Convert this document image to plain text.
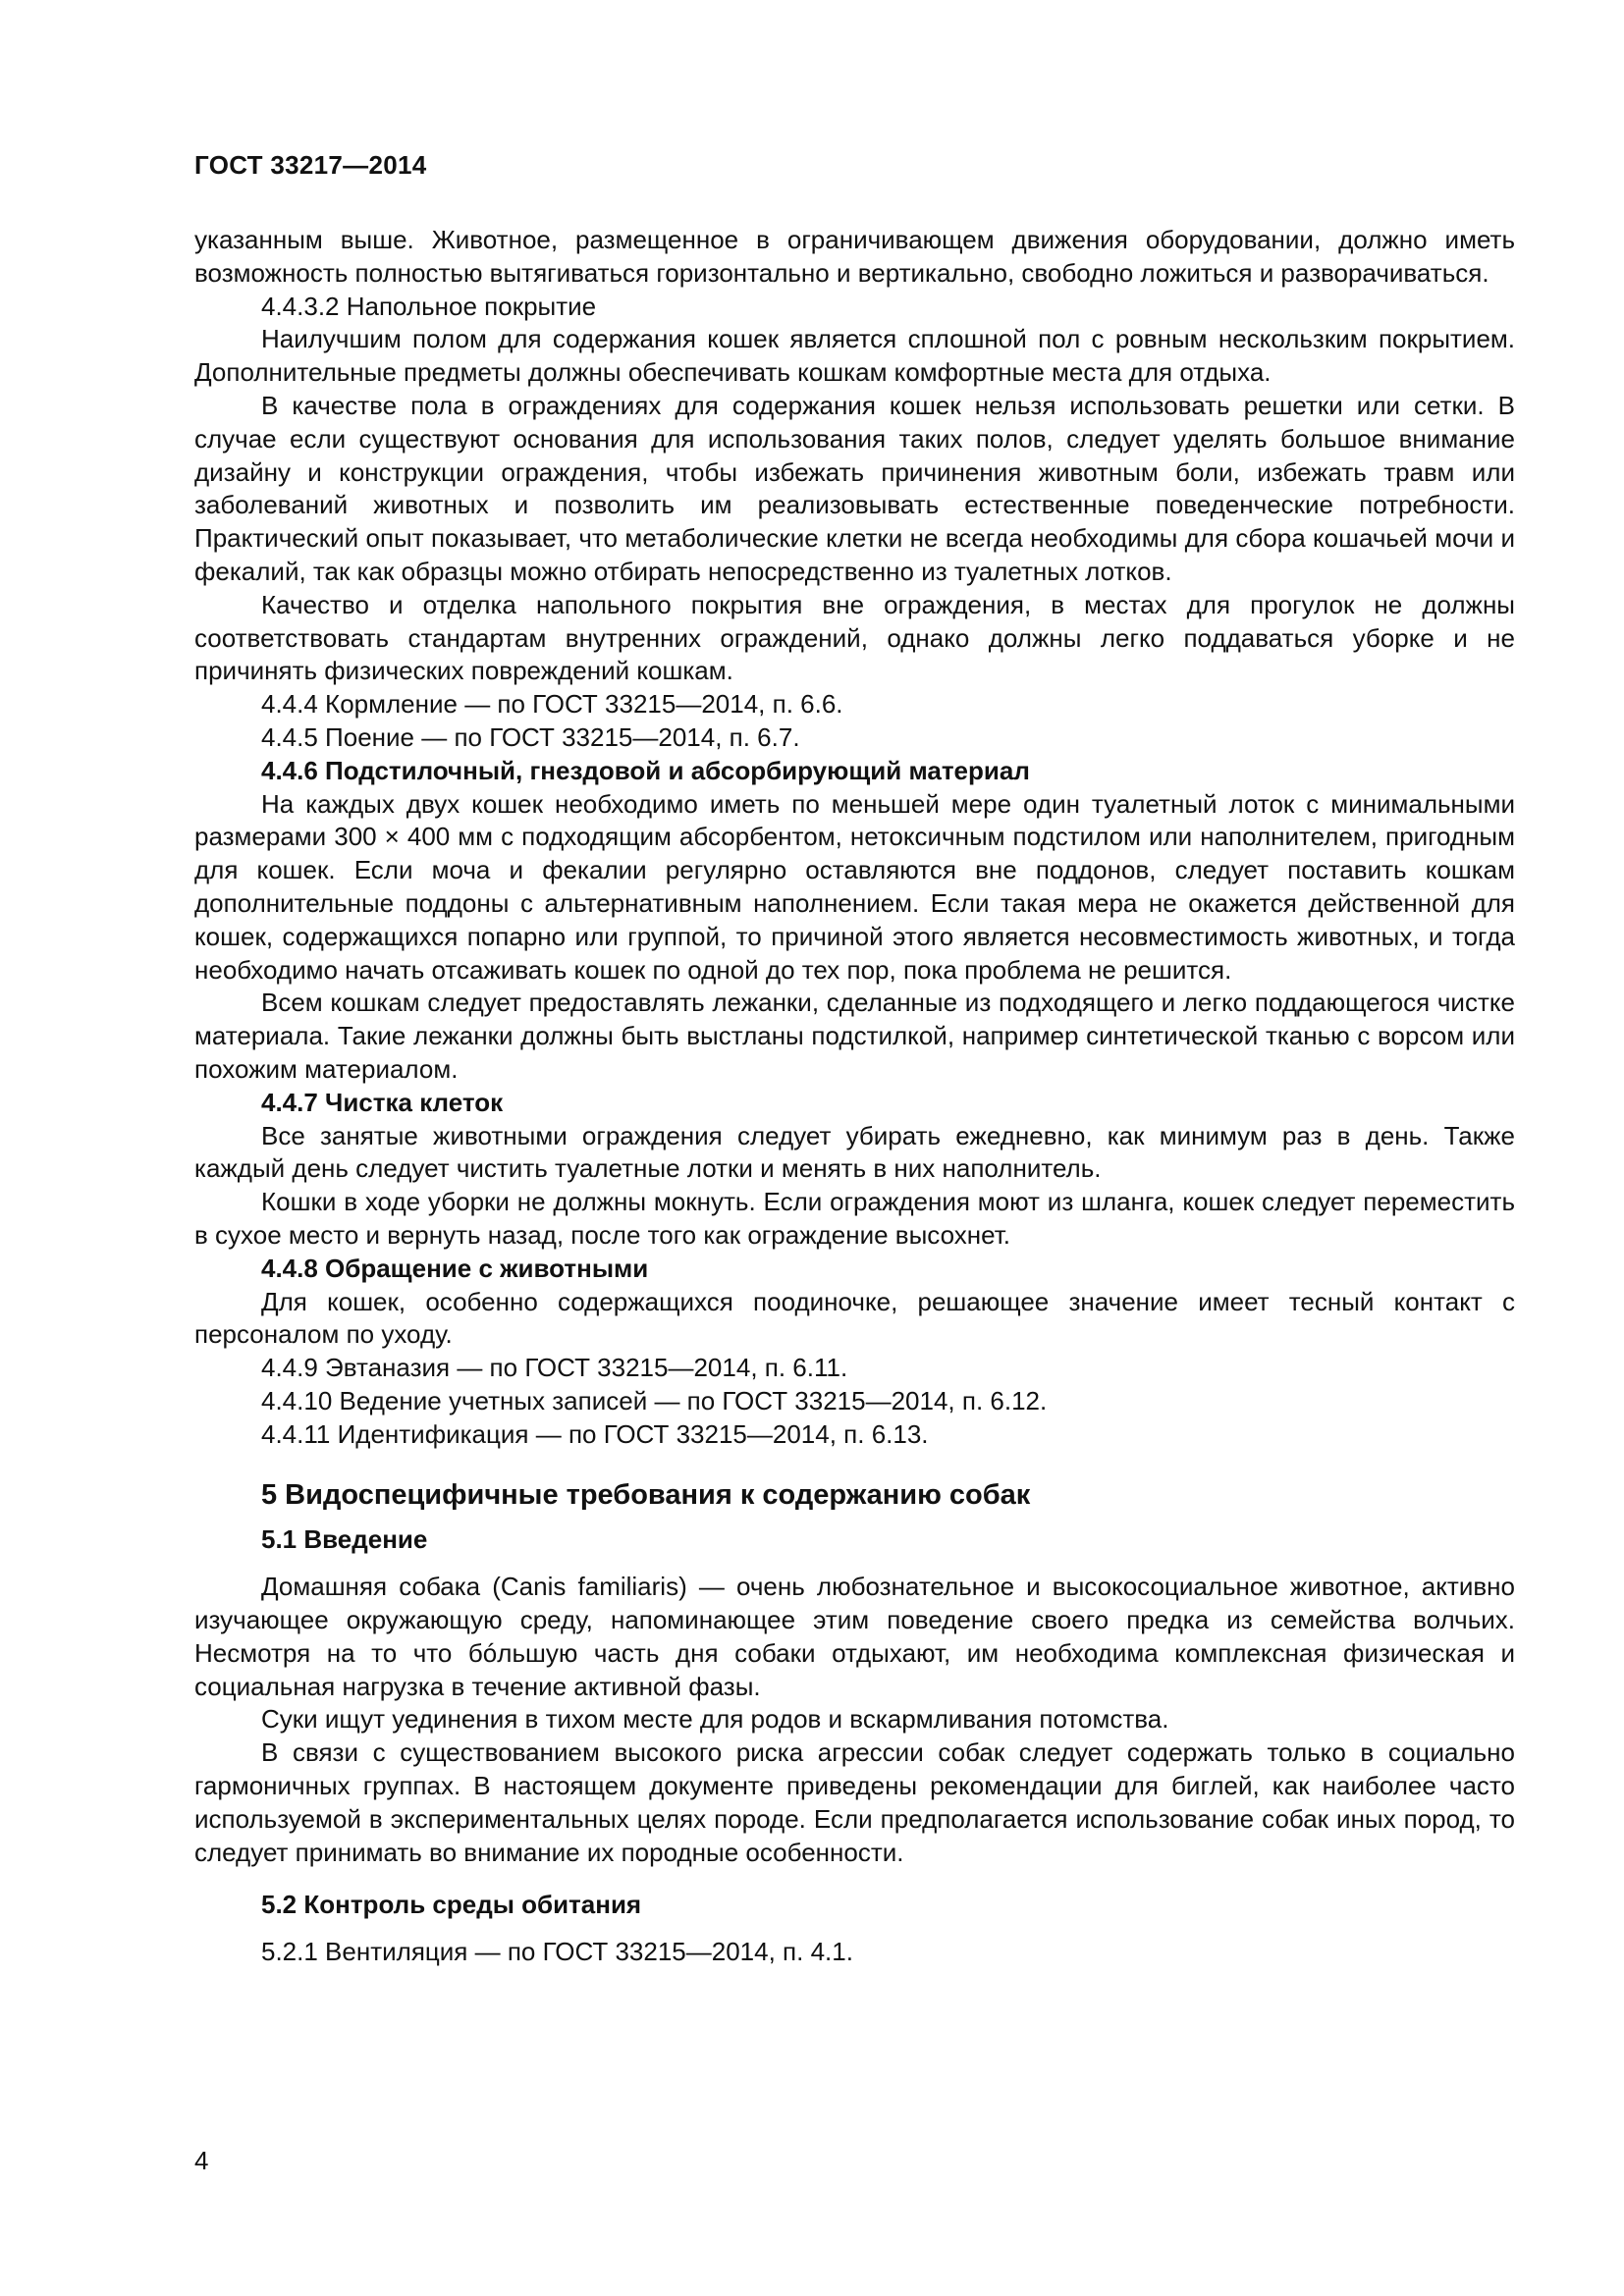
ГОСТ 33217—2014

указанным выше. Животное, размещенное в ограничивающем движения оборудовании, должно иметь возможность полностью вытягиваться горизонтально и вертикально, свободно ложиться и разворачиваться.

4.4.3.2 Напольное покрытие

Наилучшим полом для содержания кошек является сплошной пол с ровным нескользким покрытием. Дополнительные предметы должны обеспечивать кошкам комфортные места для отдыха.

В качестве пола в ограждениях для содержания кошек нельзя использовать решетки или сетки. В случае если существуют основания для использования таких полов, следует уделять большое внимание дизайну и конструкции ограждения, чтобы избежать причинения животным боли, избежать травм или заболеваний животных и позволить им реализовывать естественные поведенческие потребности. Практический опыт показывает, что метаболические клетки не всегда необходимы для сбора кошачьей мочи и фекалий, так как образцы можно отбирать непосредственно из туалетных лотков.

Качество и отделка напольного покрытия вне ограждения, в местах для прогулок не должны соответствовать стандартам внутренних ограждений, однако должны легко поддаваться уборке и не причинять физических повреждений кошкам.

4.4.4 Кормление — по ГОСТ 33215—2014, п. 6.6.

4.4.5 Поение — по ГОСТ 33215—2014, п. 6.7.

4.4.6 Подстилочный, гнездовой и абсорбирующий материал

На каждых двух кошек необходимо иметь по меньшей мере один туалетный лоток с минимальными размерами 300 × 400 мм с подходящим абсорбентом, нетоксичным подстилом или наполнителем, пригодным для кошек. Если моча и фекалии регулярно оставляются вне поддонов, следует поставить кошкам дополнительные поддоны с альтернативным наполнением. Если такая мера не окажется действенной для кошек, содержащихся попарно или группой, то причиной этого является несовместимость животных, и тогда необходимо начать отсаживать кошек по одной до тех пор, пока проблема не решится.

Всем кошкам следует предоставлять лежанки, сделанные из подходящего и легко поддающегося чистке материала. Такие лежанки должны быть выстланы подстилкой, например синтетической тканью с ворсом или похожим материалом.

4.4.7 Чистка клеток

Все занятые животными ограждения следует убирать ежедневно, как минимум раз в день. Также каждый день следует чистить туалетные лотки и менять в них наполнитель.

Кошки в ходе уборки не должны мокнуть. Если ограждения моют из шланга, кошек следует переместить в сухое место и вернуть назад, после того как ограждение высохнет.

4.4.8 Обращение с животными

Для кошек, особенно содержащихся поодиночке, решающее значение имеет тесный контакт с персоналом по уходу.

4.4.9 Эвтаназия — по ГОСТ 33215—2014, п. 6.11.

4.4.10 Ведение учетных записей — по ГОСТ 33215—2014, п. 6.12.

4.4.11 Идентификация — по ГОСТ 33215—2014, п. 6.13.

5 Видоспецифичные требования к содержанию собак

5.1 Введение

Домашняя собака (Canis familiaris) — очень любознательное и высокосоциальное животное, активно изучающее окружающую среду, напоминающее этим поведение своего предка из семейства волчьих. Несмотря на то что бóльшую часть дня собаки отдыхают, им необходима комплексная физическая и социальная нагрузка в течение активной фазы.

Суки ищут уединения в тихом месте для родов и вскармливания потомства.

В связи с существованием высокого риска агрессии собак следует содержать только в социально гармоничных группах. В настоящем документе приведены рекомендации для биглей, как наиболее часто используемой в экспериментальных целях породе. Если предполагается использование собак иных пород, то следует принимать во внимание их породные особенности.

5.2 Контроль среды обитания

5.2.1 Вентиляция — по ГОСТ 33215—2014, п. 4.1.

4
